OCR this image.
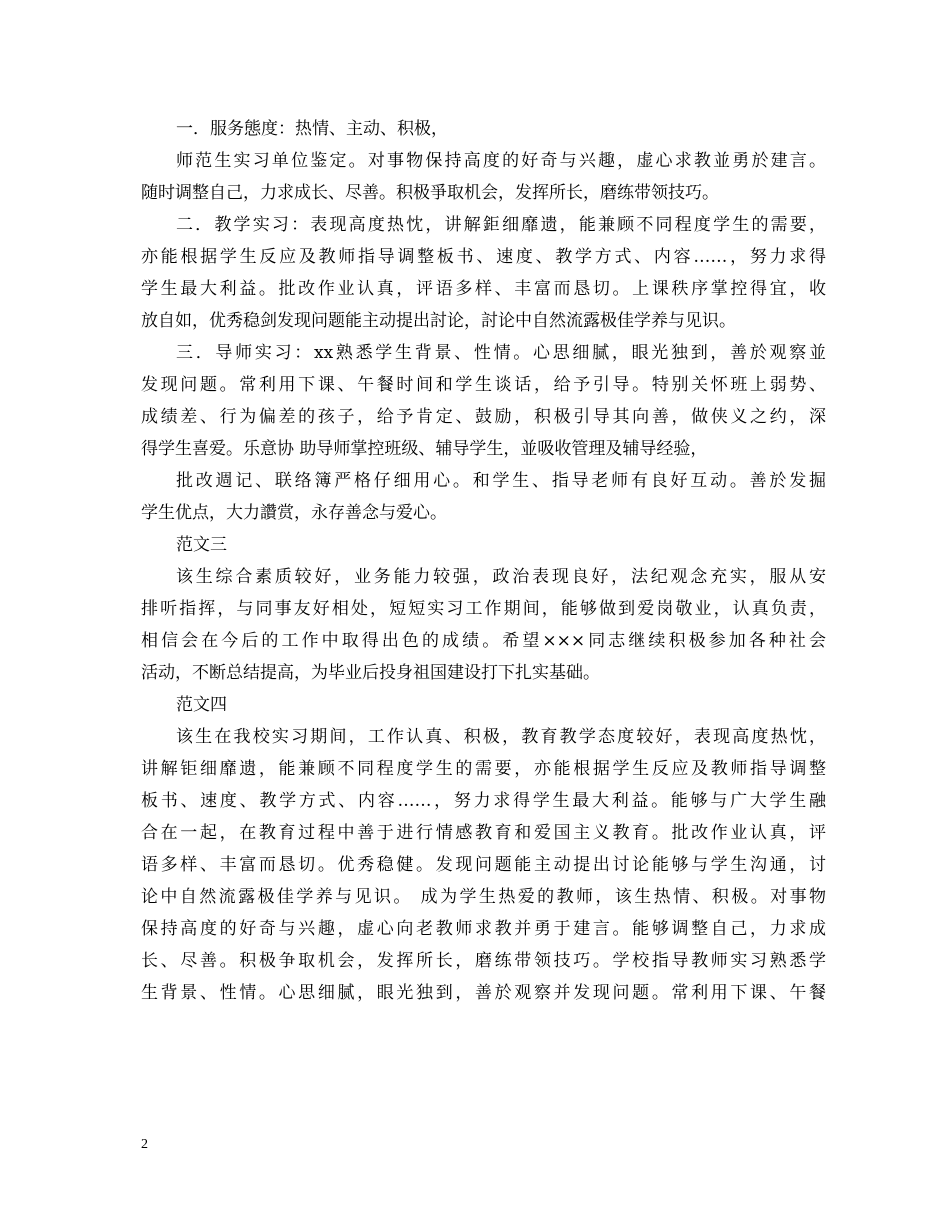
一．服务態度：热情、主动、积极，
师范生实习单位鉴定。对事物保持高度的好奇与兴趣，虚心求教並勇於建言。
随时调整自己，力求成长、尽善。积极爭取机会，发挥所长，磨练带领技巧。
二．教学实习：表现高度热忱，讲解鉅细靡遗，能兼顾不同程度学生的需要，
亦能根据学生反应及教师指导调整板书、速度、教学方式、内容……，努力求得
学生最大利益。批改作业认真，评语多样、丰富而恳切。上课秩序掌控得宜，收
放自如，优秀稳剑发现问题能主动提出討论，討论中自然流露极佳学养与见识。
三．导师实习：xx熟悉学生背景、性情。心思细腻，眼光独到，善於观察並
发现问题。常利用下课、午餐时间和学生谈话，给予引导。特别关怀班上弱势、
成绩差、行为偏差的孩子，给予肯定、鼓励，积极引导其向善，做侠义之约，深
得学生喜爱。乐意协 助导师掌控班级、辅导学生，並吸收管理及辅导经验，
批改週记、联络簿严格仔细用心。和学生、指导老师有良好互动。善於发掘
学生优点，大力讚赏，永存善念与爱心。
范文三
该生综合素质较好，业务能力较强，政治表现良好，法纪观念充实，服从安
排听指挥，与同事友好相处，短短实习工作期间，能够做到爱岗敬业，认真负责，
相信会在今后的工作中取得出色的成绩。希望×××同志继续积极参加各种社会
活动，不断总结提高，为毕业后投身祖国建设打下扎实基础。
范文四
该生在我校实习期间，工作认真、积极，教育教学态度较好，表现高度热忱，
讲解钜细靡遗，能兼顾不同程度学生的需要，亦能根据学生反应及教师指导调整
板书、速度、教学方式、内容……，努力求得学生最大利益。能够与广大学生融
合在一起，在教育过程中善于进行情感教育和爱国主义教育。批改作业认真，评
语多样、丰富而恳切。优秀稳健。发现问题能主动提出讨论能够与学生沟通，讨
论中自然流露极佳学养与见识。 成为学生热爱的教师，该生热情、积极。对事物
保持高度的好奇与兴趣，虚心向老教师求教并勇于建言。能够调整自己，力求成
长、尽善。积极争取机会，发挥所长，磨练带领技巧。学校指导教师实习熟悉学
生背景、性情。心思细腻，眼光独到，善於观察并发现问题。常利用下课、午餐
2
